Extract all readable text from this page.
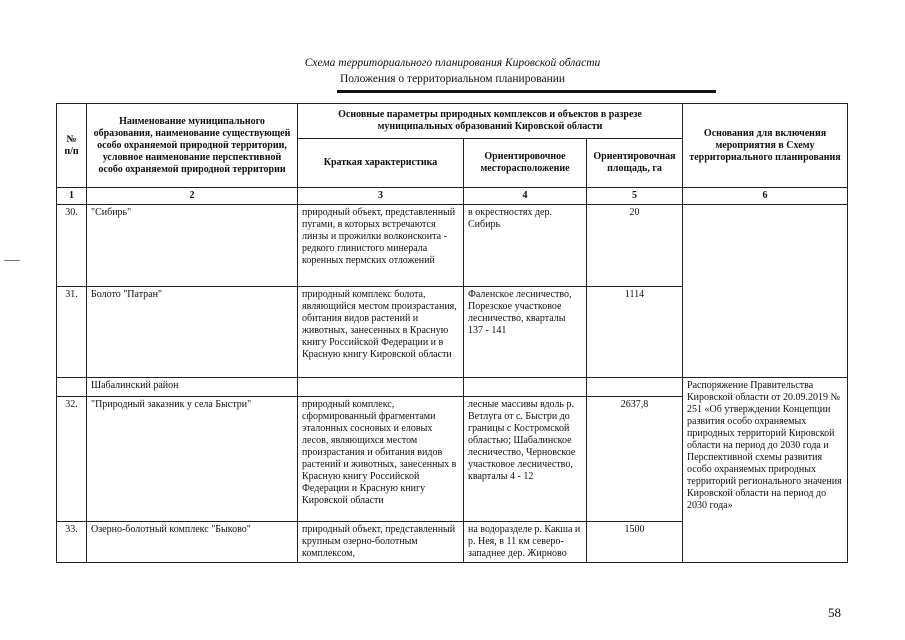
Схема территориального планирования Кировской области
Положения о территориальном планировании
№ п/п	Наименование муниципального образования, наименование существующей особо охраняемой природной территории, условное наименование перспективной особо охраняемой природной территории	Основные параметры природных комплексов и объектов в разрезе муниципальных образований Кировской области			Основания для включения мероприятия в Схему территориального планирования
		Краткая характеристика	Ориентировочное месторасположение	Ориентировочная площадь, га	
1	2	3	4	5	6
30.	"Сибирь"	природный объект, представленный пугами, в которых встречаются линзы и прожилки волконскоита - редкого глинистого минерала коренных пермских отложений	в окрестностях дер. Сибирь	20	
31.	Болото "Патран"	природный комплекс болота, являющийся местом произрастания, обитания видов растений и животных, занесенных в Красную книгу Российской Федерации и в Красную книгу Кировской области	Фаленское лесничество, Порезское участковое лесничество, кварталы 137 - 141	1114	
	Шабалинский район				Распоряжение Правительства Кировской области от 20.09.2019 № 251 «Об утверждении Концепции развития особо охраняемых природных территорий Кировской области на период до 2030 года и Перспективной схемы развития особо охраняемых природных территорий регионального значения Кировской области на период до 2030 года»
32.	"Природный заказник у села Быстри"	природный комплекс, сформированный фрагментами эталонных сосновых и еловых лесов, являющихся местом произрастания и обитания видов растений и животных, занесенных в Красную книгу Российской Федерации и Красную книгу Кировской области	лесные массивы вдоль р. Ветлуга от с. Быстри до границы с Костромской областью; Шабалинское лесничество, Черновское участковое лесничество, кварталы 4 - 12	2637,8	
33.	Озерно-болотный комплекс "Быково"	природный объект, представленный крупным озерно-болотным комплексом,	на водоразделе р. Какша и р. Нея, в 11 км северо-западнее дер. Жирново	1500	
58
